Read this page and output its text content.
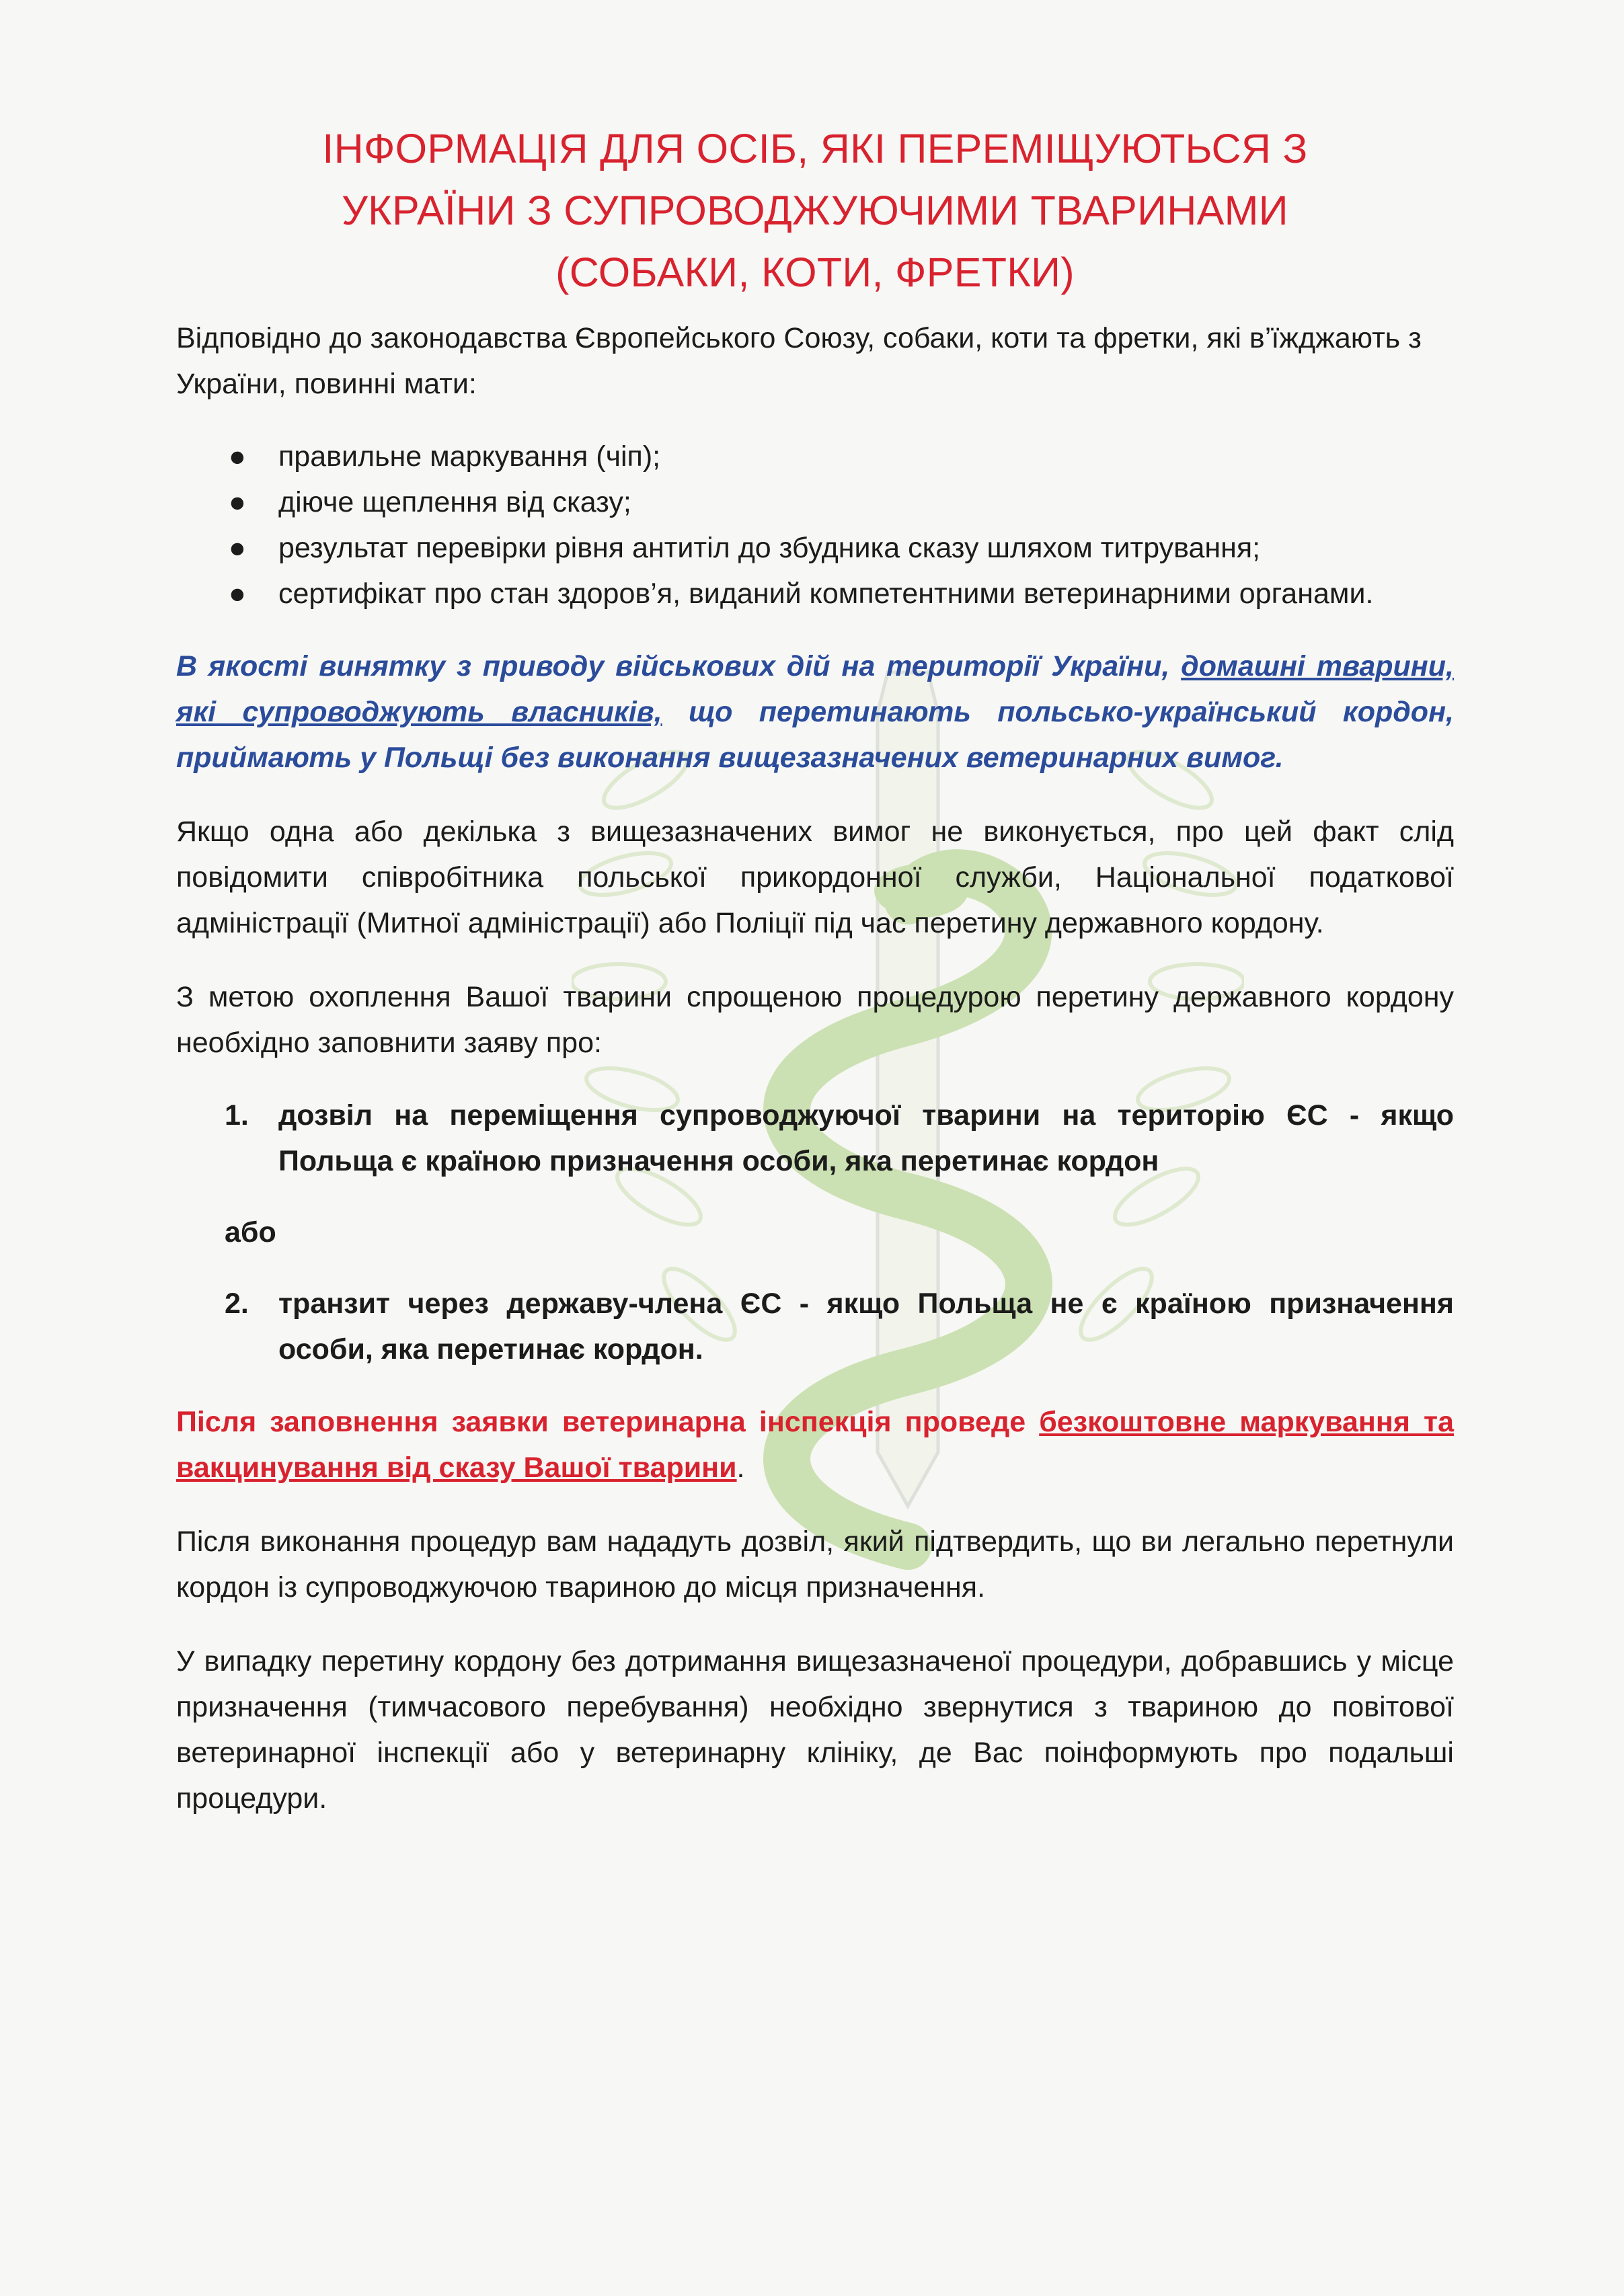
ІНФОРМАЦІЯ ДЛЯ ОСІБ, ЯКІ ПЕРЕМІЩУЮТЬСЯ З
УКРАЇНИ З СУПРОВОДЖУЮЧИМИ ТВАРИНАМИ
(СОБАКИ, КОТИ, ФРЕТКИ)

Відповідно до законодавства Європейського Союзу, собаки, коти та фретки, які в’їжджають з України, повинні мати:

● правильне маркування (чіп);
● діюче щеплення від сказу;
● результат перевірки рівня антитіл до збудника сказу шляхом титрування;
● сертифікат про стан здоров’я, виданий компетентними ветеринарними органами.

В якості винятку з приводу військових дій на території України, домашні тварини, які супроводжують власників, що перетинають польсько-український кордон, приймають у Польщі без виконання вищезазначених ветеринарних вимог.

Якщо одна або декілька з вищезазначених вимог не виконується, про цей факт слід повідомити співробітника польської прикордонної служби, Національної податкової адміністрації (Митної адміністрації) або Поліції під час перетину державного кордону.

З метою охоплення Вашої тварини спрощеною процедурою перетину державного кордону необхідно заповнити заяву про:

1. дозвіл на переміщення супроводжуючої тварини на територію ЄС - якщо Польща є країною призначення особи, яка перетинає кордон

або

2. транзит через державу-члена ЄС - якщо Польща не є країною призначення особи, яка перетинає кордон.

Після заповнення заявки ветеринарна інспекція проведе безкоштовне маркування та вакцинування від сказу Вашої тварини.

Після виконання процедур вам нададуть дозвіл, який підтвердить, що ви легально перетнули кордон із супроводжуючою твариною до місця призначення.

У випадку перетину кордону без дотримання вищезазначеної процедури, добравшись у місце призначення (тимчасового перебування) необхідно звернутися з твариною до повітової ветеринарної інспекції або у ветеринарну клініку, де Вас поінформують про подальші процедури.
